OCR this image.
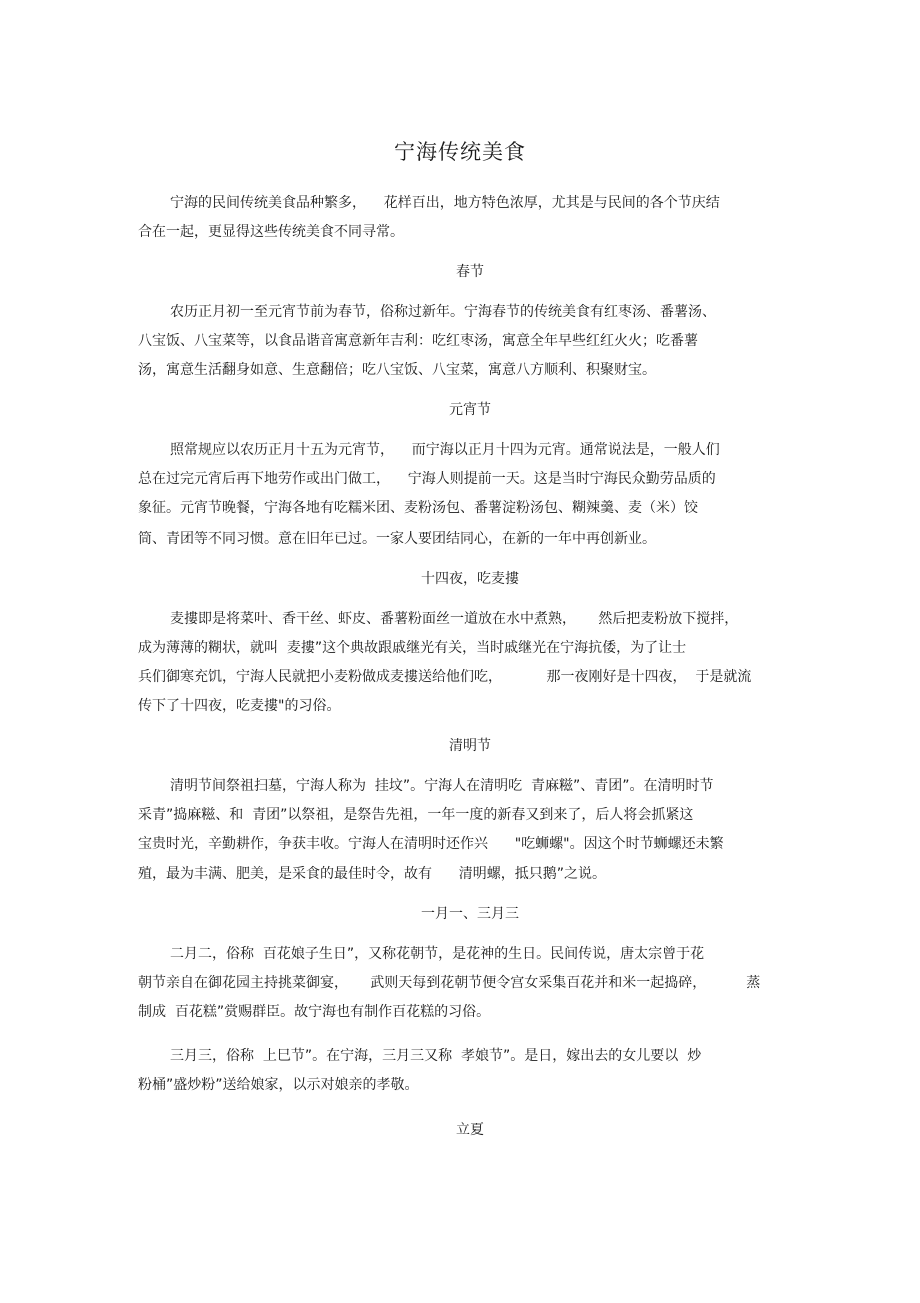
宁海传统美食
宁海的民间传统美食品种繁多，    花样百出，地方特色浓厚，尤其是与民间的各个节庆结
合在一起，更显得这些传统美食不同寻常。
春节
农历正月初一至元宵节前为春节，俗称过新年。宁海春节的传统美食有红枣汤、番薯汤、
八宝饭、八宝菜等，以食品谐音寓意新年吉利：吃红枣汤，寓意全年早些红红火火；吃番薯
汤，寓意生活翻身如意、生意翻倍；吃八宝饭、八宝菜，寓意八方顺利、积聚财宝。
元宵节
照常规应以农历正月十五为元宵节，    而宁海以正月十四为元宵。通常说法是，一般人们
总在过完元宵后再下地劳作或出门做工，    宁海人则提前一天。这是当时宁海民众勤劳品质的
象征。元宵节晚餐，宁海各地有吃糯米团、麦粉汤包、番薯淀粉汤包、糊辣羹、麦（米）饺
筒、青团等不同习惯。意在旧年已过。一家人要团结同心，在新的一年中再创新业。
十四夜，吃麦摟
麦摟即是将菜叶、香干丝、虾皮、番薯粉面丝一道放在水中煮熟，     然后把麦粉放下搅拌，
成为薄薄的糊状，就叫  麦摟”这个典故跟戚继光有关，当时戚继光在宁海抗倭，为了让士
兵们御寒充饥，宁海人民就把小麦粉做成麦摟送给他们吃，          那一夜刚好是十四夜，  于是就流
传下了十四夜，吃麦摟"的习俗。
清明节
清明节间祭祖扫墓，宁海人称为  挂坟”。宁海人在清明吃  青麻糍”、青团”。在清明时节
采青”捣麻糍、和  青团”以祭祖，是祭告先祖，一年一度的新春又到来了，后人将会抓紧这
宝贵时光，辛勤耕作，争获丰收。宁海人在清明时还作兴      "吃蛳螺"。因这个时节蛳螺还未繁
殖，最为丰满、肥美，是采食的最佳时令，故有      清明螺，抵只鹅”之说。
一月一、三月三
二月二，俗称  百花娘子生日”，又称花朝节，是花神的生日。民间传说，唐太宗曾于花
朝节亲自在御花园主持挑菜御宴，     武则天每到花朝节便令宫女采集百花并和米一起捣碎，         蒸
制成  百花糕”赏赐群臣。故宁海也有制作百花糕的习俗。
三月三，俗称  上巳节”。在宁海，三月三又称  孝娘节”。是日，嫁出去的女儿要以  炒
粉桶”盛炒粉”送给娘家，以示对娘亲的孝敬。
立夏
